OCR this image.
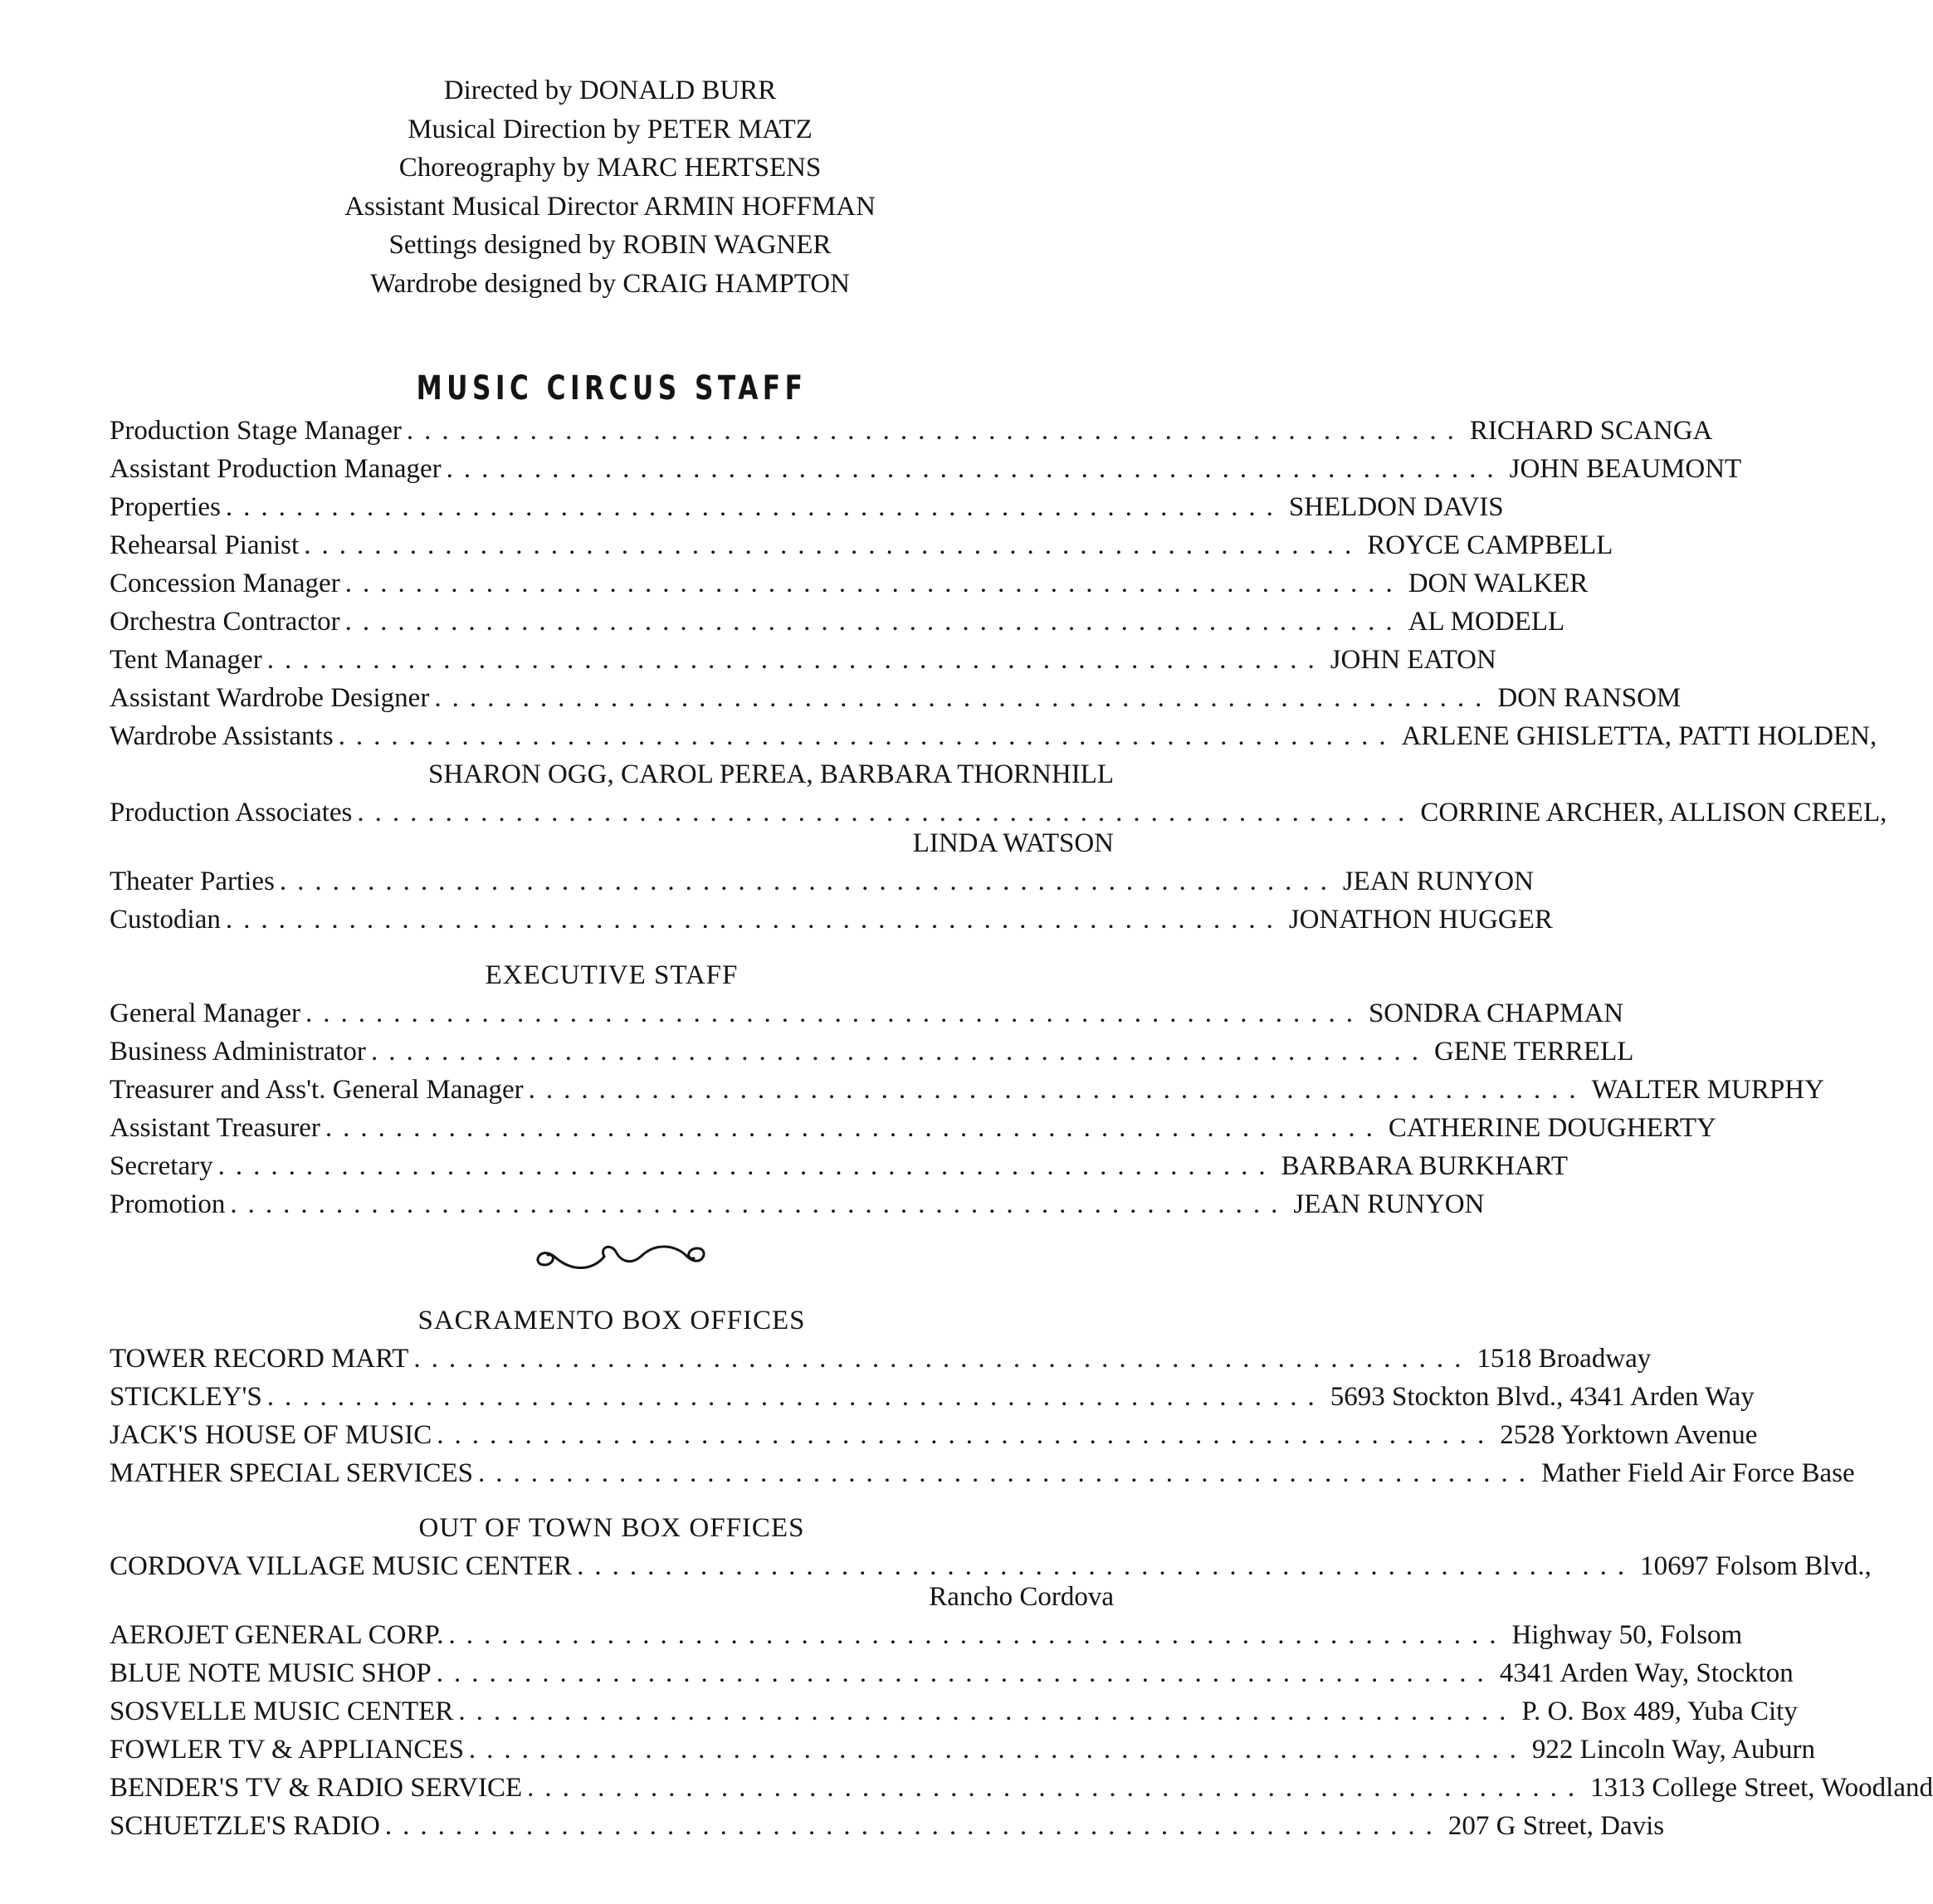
Directed by DONALD BURR
Musical Direction by PETER MATZ
Choreography by MARC HERTSENS
Assistant Musical Director ARMIN HOFFMAN
Settings designed by ROBIN WAGNER
Wardrobe designed by CRAIG HAMPTON
MUSIC CIRCUS STAFF
Production Stage Manager ............................................................ RICHARD SCANGA
Assistant Production Manager ............................................................ JOHN BEAUMONT
Properties ............................................................ SHELDON DAVIS
Rehearsal Pianist ............................................................ ROYCE CAMPBELL
Concession Manager ............................................................ DON WALKER
Orchestra Contractor ............................................................ AL MODELL
Tent Manager ............................................................ JOHN EATON
Assistant Wardrobe Designer ............................................................ DON RANSOM
Wardrobe Assistants ............................................................ ARLENE GHISLETTA, PATTI HOLDEN,
SHARON OGG, CAROL PEREA, BARBARA THORNHILL
Production Associates ............................................................ CORRINE ARCHER, ALLISON CREEL,
LINDA WATSON
Theater Parties ............................................................ JEAN RUNYON
Custodian ............................................................ JONATHON HUGGER
EXECUTIVE STAFF
General Manager ............................................................ SONDRA CHAPMAN
Business Administrator ............................................................ GENE TERRELL
Treasurer and Ass't. General Manager ............................................................ WALTER MURPHY
Assistant Treasurer ............................................................ CATHERINE DOUGHERTY
Secretary ............................................................ BARBARA BURKHART
Promotion ............................................................ JEAN RUNYON
SACRAMENTO BOX OFFICES
TOWER RECORD MART ............................................................ 1518 Broadway
STICKLEY'S ............................................................ 5693 Stockton Blvd., 4341 Arden Way
JACK'S HOUSE OF MUSIC ............................................................ 2528 Yorktown Avenue
MATHER SPECIAL SERVICES ............................................................ Mather Field Air Force Base
OUT OF TOWN BOX OFFICES
CORDOVA VILLAGE MUSIC CENTER ............................................................ 10697 Folsom Blvd.,
Rancho Cordova
AEROJET GENERAL CORP. ............................................................ Highway 50, Folsom
BLUE NOTE MUSIC SHOP ............................................................ 4341 Arden Way, Stockton
SOSVELLE MUSIC CENTER ............................................................ P. O. Box 489, Yuba City
FOWLER TV & APPLIANCES ............................................................ 922 Lincoln Way, Auburn
BENDER'S TV & RADIO SERVICE ............................................................ 1313 College Street, Woodland
SCHUETZLE'S RADIO ............................................................ 207 G Street, Davis
